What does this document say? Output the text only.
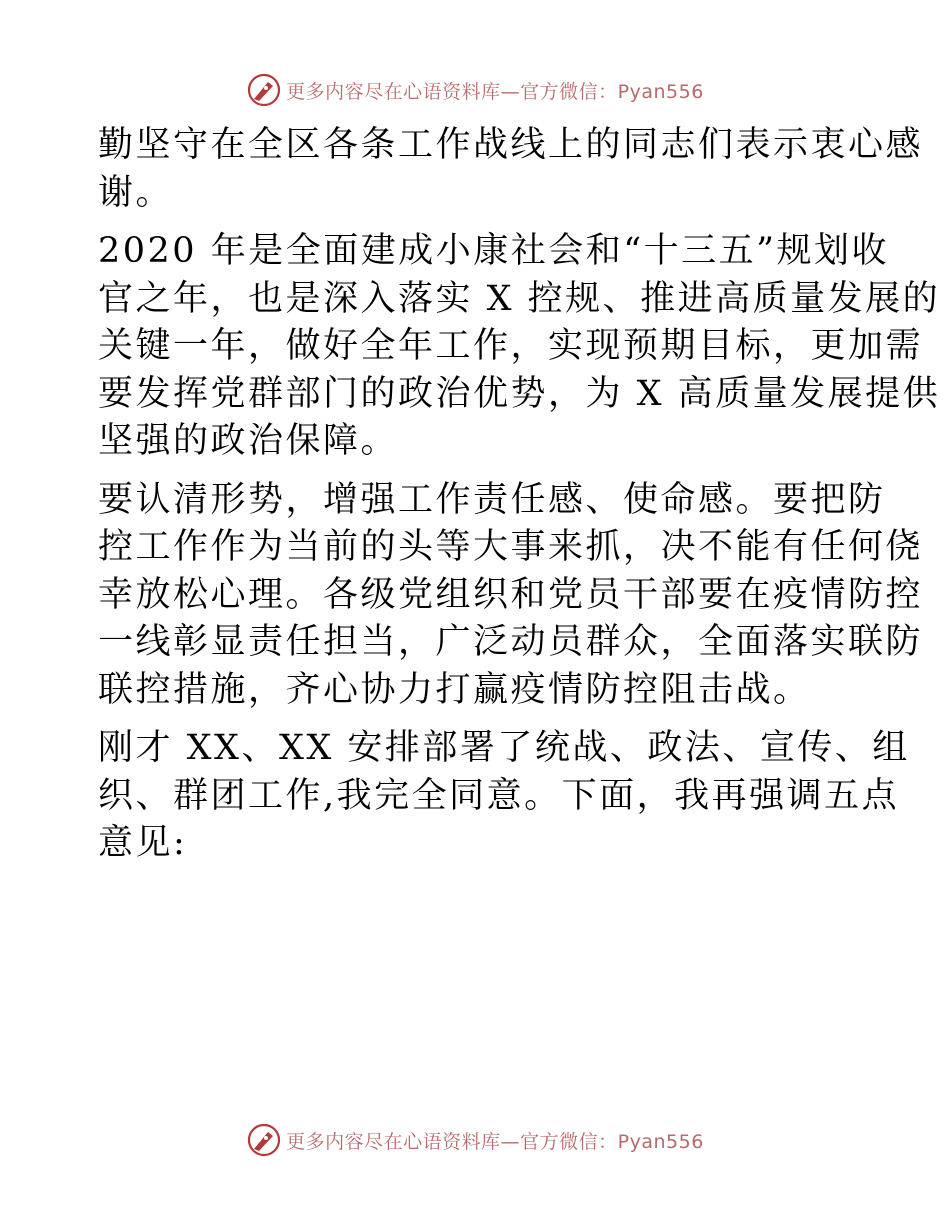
更多内容尽在心语资料库—官方微信：Pyan556
勤坚守在全区各条工作战线上的同志们表示衷心感
谢。
2020 年是全面建成小康社会和“十三五”规划收
官之年，也是深入落实 X 控规、推进高质量发展的
关键一年，做好全年工作，实现预期目标，更加需
要发挥党群部门的政治优势，为 X 高质量发展提供
坚强的政治保障。
要认清形势，增强工作责任感、使命感。要把防
控工作作为当前的头等大事来抓，决不能有任何侥
幸放松心理。各级党组织和党员干部要在疫情防控
一线彰显责任担当，广泛动员群众，全面落实联防
联控措施，齐心协力打赢疫情防控阻击战。
刚才 XX、XX 安排部署了统战、政法、宣传、组
织、群团工作,我完全同意。下面，我再强调五点
意见:
更多内容尽在心语资料库—官方微信：Pyan556
